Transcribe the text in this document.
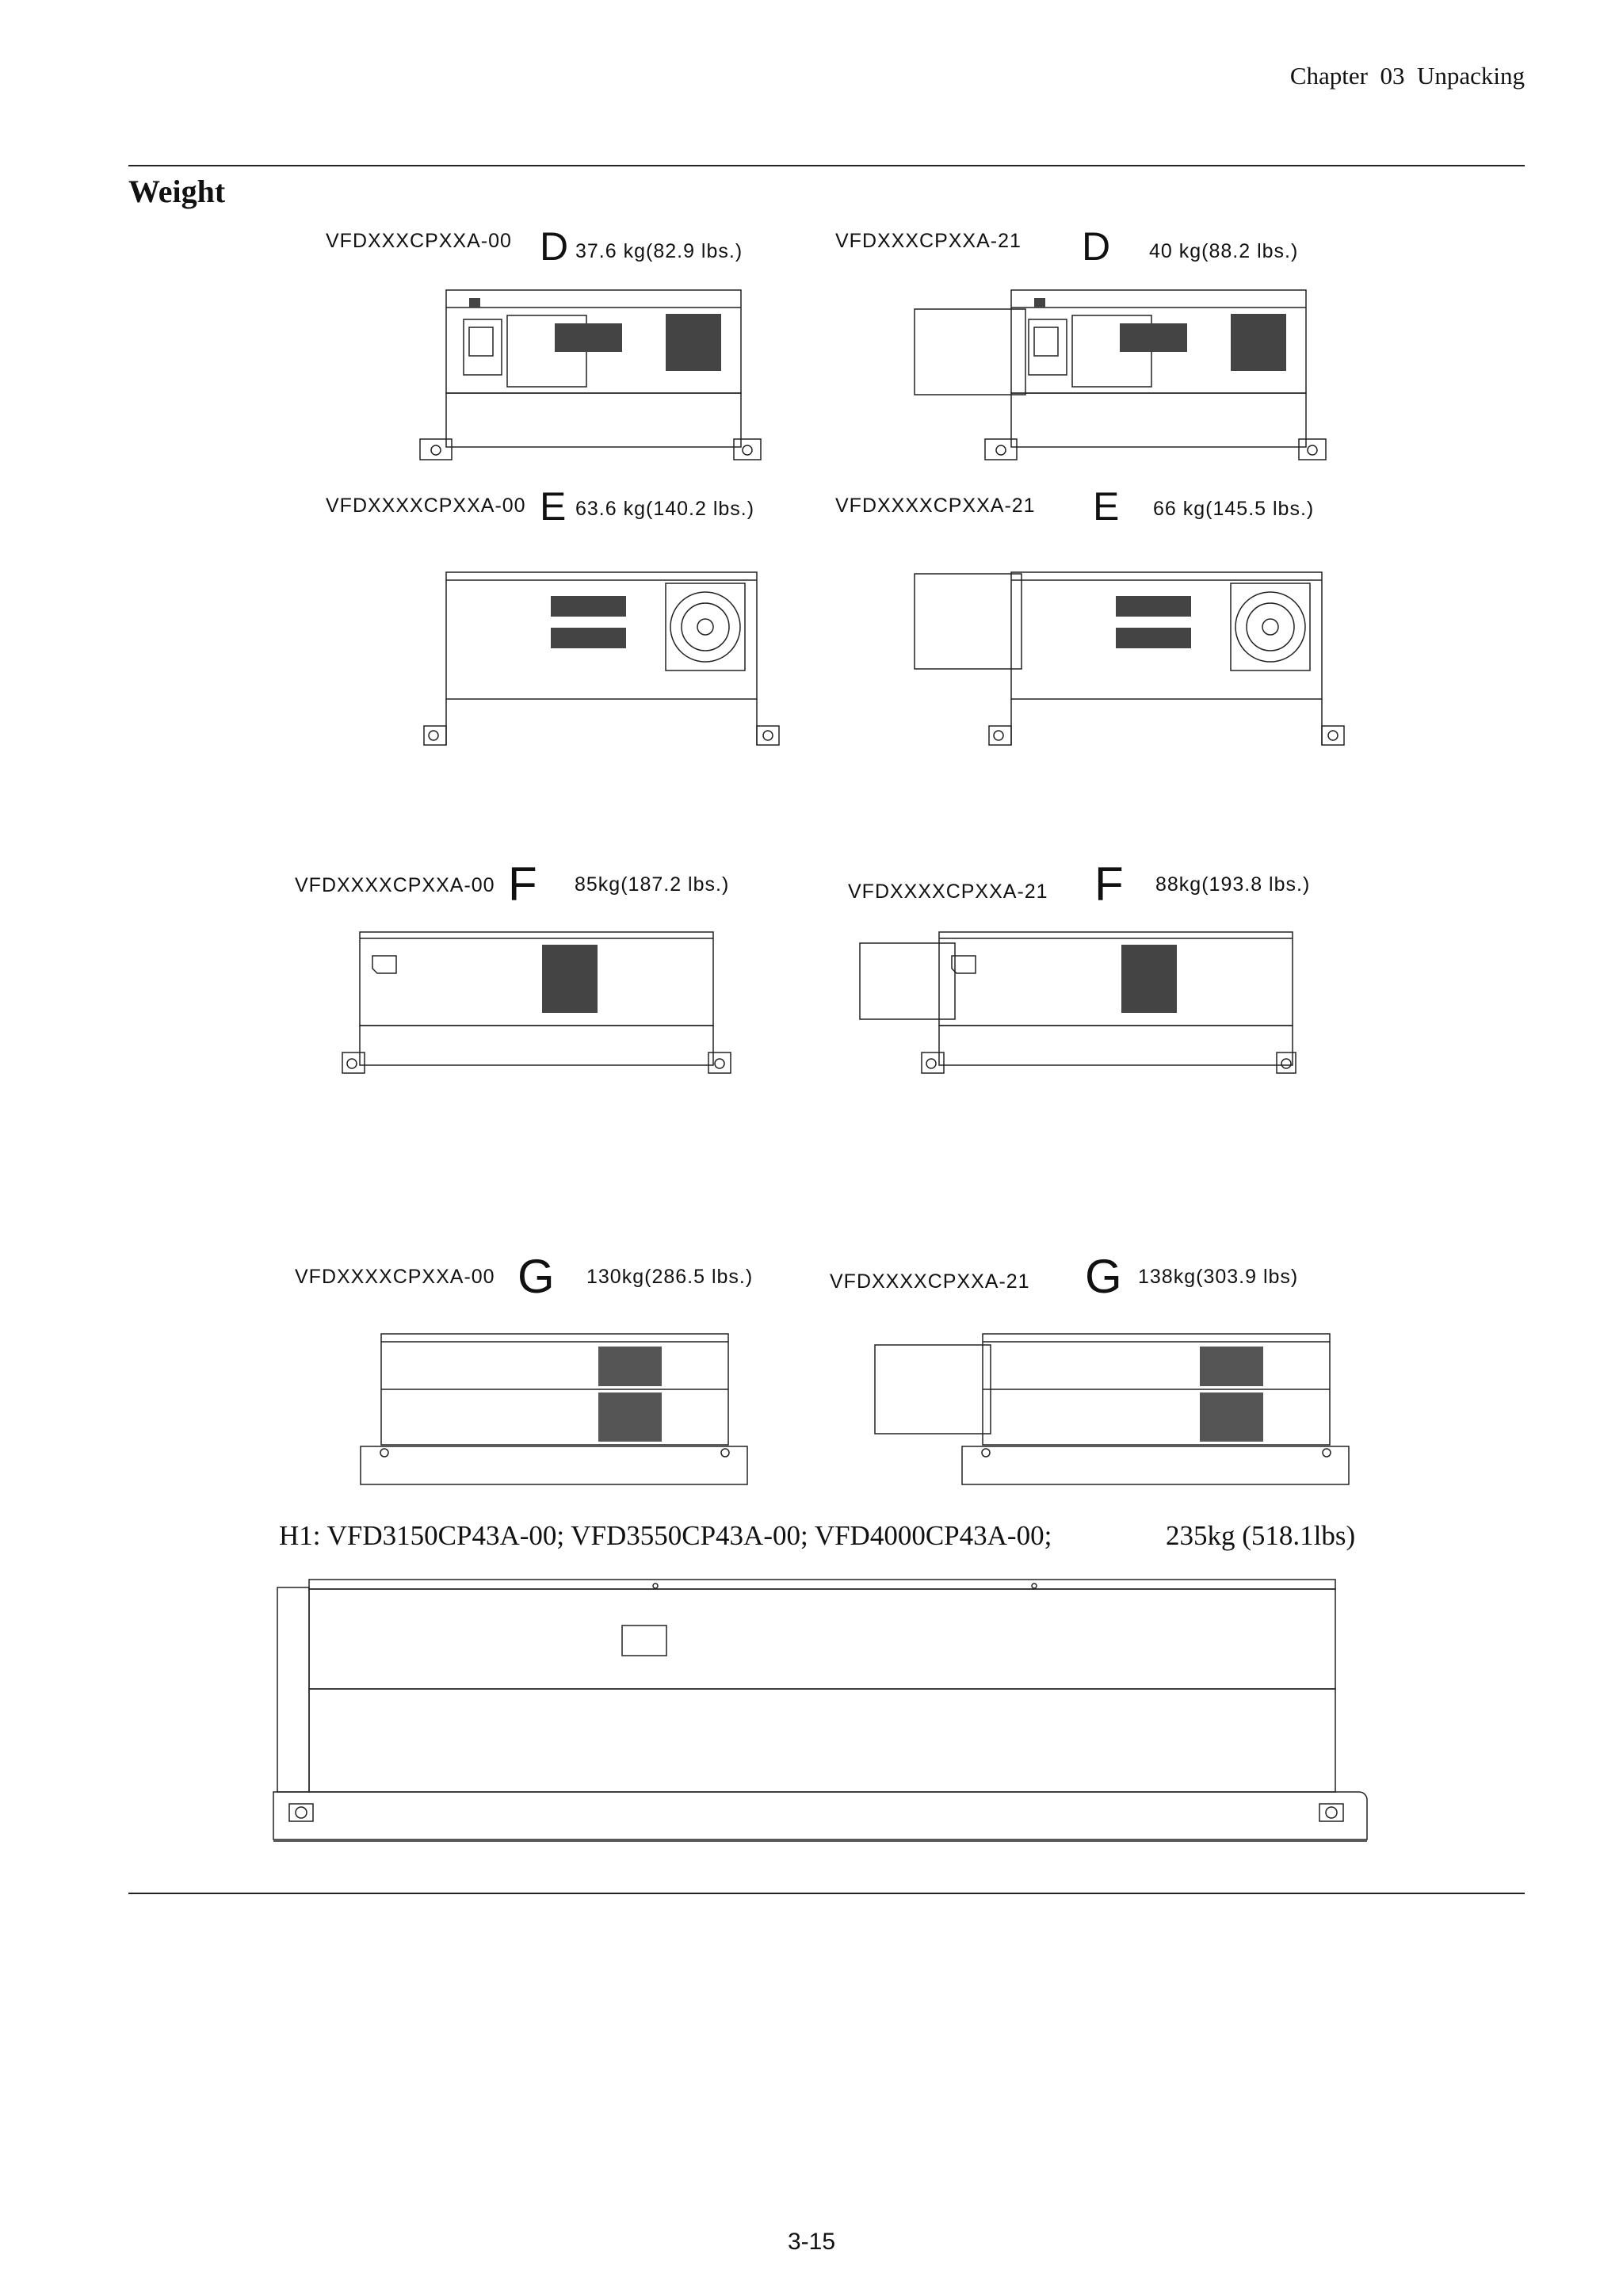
Chapter  03  Unpacking
Weight
VFDXXXCPXXA-00 D 37.6 kg(82.9 lbs.)	VFDXXXCPXXA-21 D 40 kg(88.2 lbs.)
VFDXXXXCPXXA-00 E 63.6 kg(140.2 lbs.)	VFDXXXXCPXXA-21 E 66 kg(145.5 lbs.)
VFDXXXXCPXXA-00 F 85kg(187.2 lbs.)	VFDXXXXCPXXA-21 F 88kg(193.8 lbs.)
VFDXXXXCPXXA-00 G 130kg(286.5 lbs.)	VFDXXXXCPXXA-21 G 138kg(303.9 lbs)
H1: VFD3150CP43A-00; VFD3550CP43A-00; VFD4000CP43A-00;	235kg (518.1lbs)
3-15
